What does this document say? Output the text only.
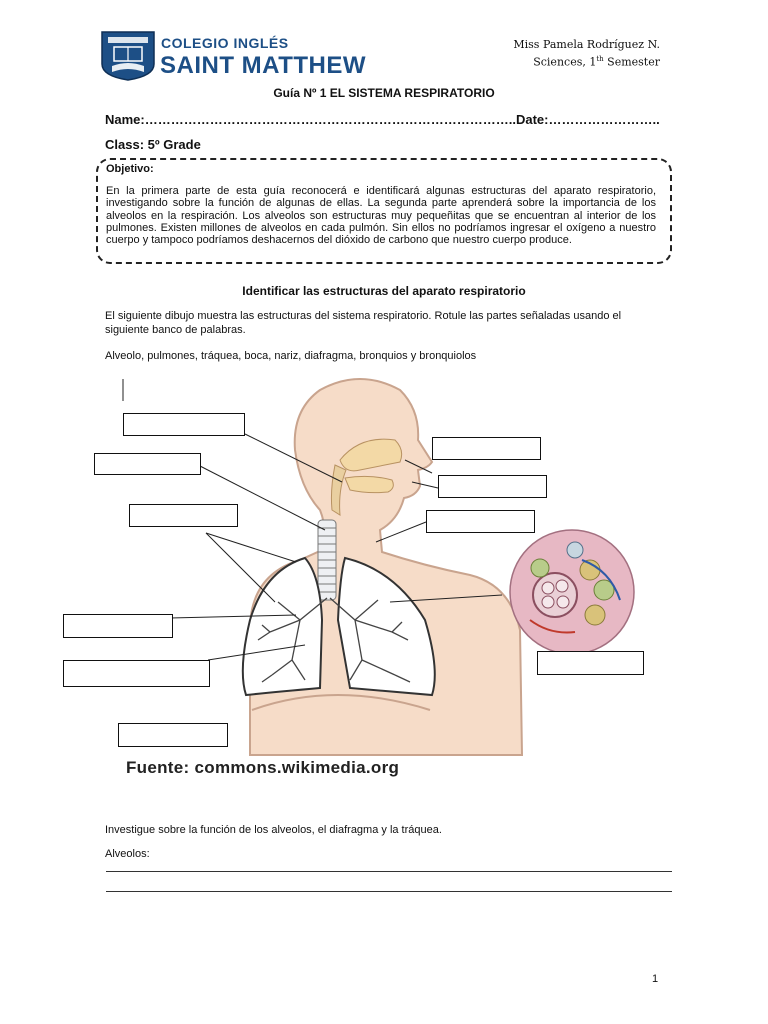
COLEGIO INGLÉS
SAINT MATTHEW
Miss Pamela Rodríguez N.
Sciences, 1th Semester
Guía Nº 1 EL SISTEMA RESPIRATORIO
Name:…………………………………………………………………………..Date:……………………..
Class: 5º Grade
Objetivo:
En la primera parte de esta guía reconocerá e identificará algunas estructuras del aparato respiratorio, investigando sobre la función de algunas de ellas. La segunda parte aprenderá sobre la importancia de los alveolos en la respiración. Los alveolos son estructuras muy pequeñitas que se encuentran al interior de los pulmones. Existen millones de alveolos en cada pulmón. Sin ellos no podríamos ingresar el oxígeno a nuestro cuerpo y tampoco podríamos deshacernos del dióxido de carbono que nuestro cuerpo produce.
Identificar las estructuras del aparato respiratorio
El siguiente dibujo muestra las estructuras del sistema respiratorio. Rotule las partes señaladas usando el siguiente banco de palabras.
Alveolo, pulmones, tráquea, boca, nariz, diafragma, bronquios y bronquiolos
Fuente: commons.wikimedia.org
Investigue sobre la función de los alveolos, el diafragma y la tráquea.
Alveolos:
1
